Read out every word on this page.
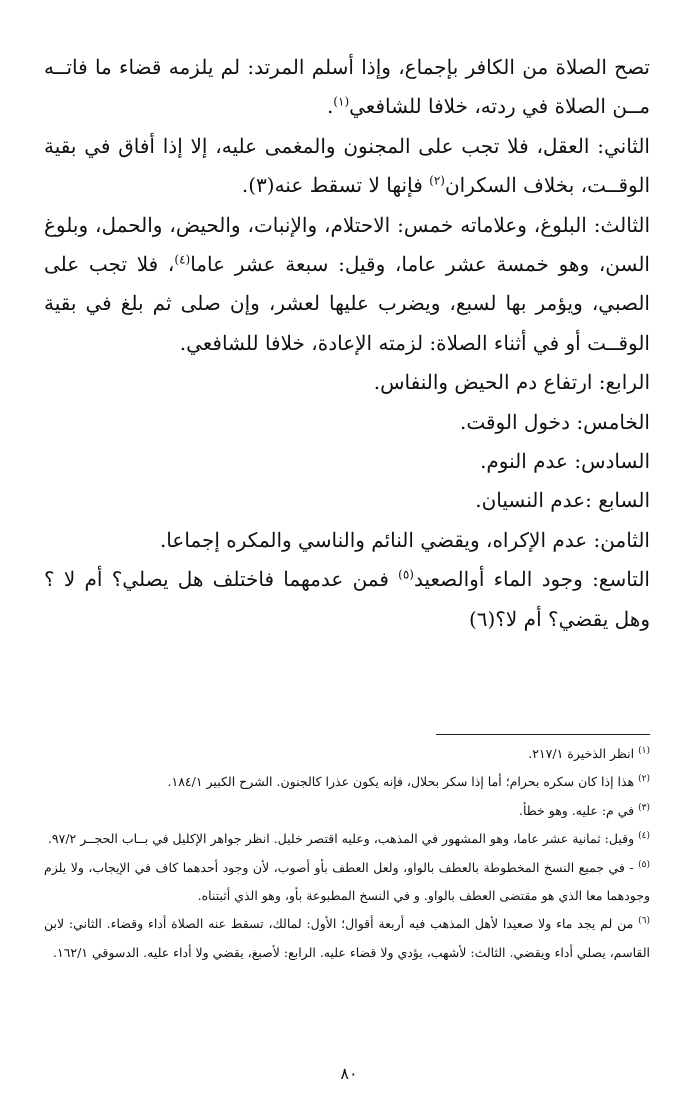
تصح الصلاة من الكافر بإجماع، وإذا أسلم المرتد: لم يلزمه قضاء ما فاتــه مــن الصلاة في ردته، خلافا للشافعي$^{(١)}$.

الثاني: العقل، فلا تجب على المجنون والمغمى عليه، إلا إذا أفاق في بقية الوقــت، بخلاف السكران$^{(٢)}$ فإنها لا تسقط عنه(٣).

الثالث: البلوغ، وعلاماته خمس: الاحتلام، والإنبات، والحيض، والحمل، وبلوغ السن، وهو خمسة عشر عاما، وقيل: سبعة عشر عاما$^{(٤)}$، فلا تجب على الصبي، ويؤمر بها لسبع، ويضرب عليها لعشر، وإن صلى ثم بلغ في بقية الوقــت أو في أثناء الصلاة: لزمته الإعادة، خلافا للشافعي.

الرابع: ارتفاع دم الحيض والنفاس.

الخامس: دخول الوقت.

السادس: عدم النوم.

السابع :عدم النسيان.

الثامن: عدم الإكراه، ويقضي النائم والناسي والمكره إجماعا.

التاسع: وجود الماء أوالصعيد$^{(٥)}$ فمن عدمهما فاختلف هل يصلي؟ أم لا ؟ وهل يقضي؟ أم لا؟(٦)

$^{(١)}$ انظر الذخيرة ٢١٧/١.

$^{(٢)}$ هذا إذا كان سكره بحرام؛ أما إذا سكر بحلال، فإنه يكون عذرا كالجنون. الشرح الكبير ١٨٤/١.

$^{(٣)}$ في م: عليه. وهو خطأ.

$^{(٤)}$ وقيل: ثمانية عشر عاما، وهو المشهور في المذهب، وعليه اقتصر خليل. انظر جواهر الإكليل في بــاب الحجــر ٩٧/٢.

$^{(٥)}$ - في جميع النسخ المخطوطة بالعطف بالواو، ولعل العطف بأو أصوب، لأن وجود أحدهما كاف في الإيجاب، ولا يلزم وجودهما معا الذي هو مقتضى العطف بالواو. و في النسخ المطبوعة بأو، وهو الذي أثبتناه.

$^{(٦)}$ من لم يجد ماء ولا صعيدا لأهل المذهب فيه أربعة أقوال؛ الأول: لمالك، تسقط عنه الصلاة أداء وقضاء. الثاني: لابن القاسم، يصلي أداء ويقضي. الثالث: لأشهب، يؤدي ولا قضاء عليه. الرابع: لأصبغ، يقضي ولا أداء عليه. الدسوقي ١٦٢/١.

٨٠
